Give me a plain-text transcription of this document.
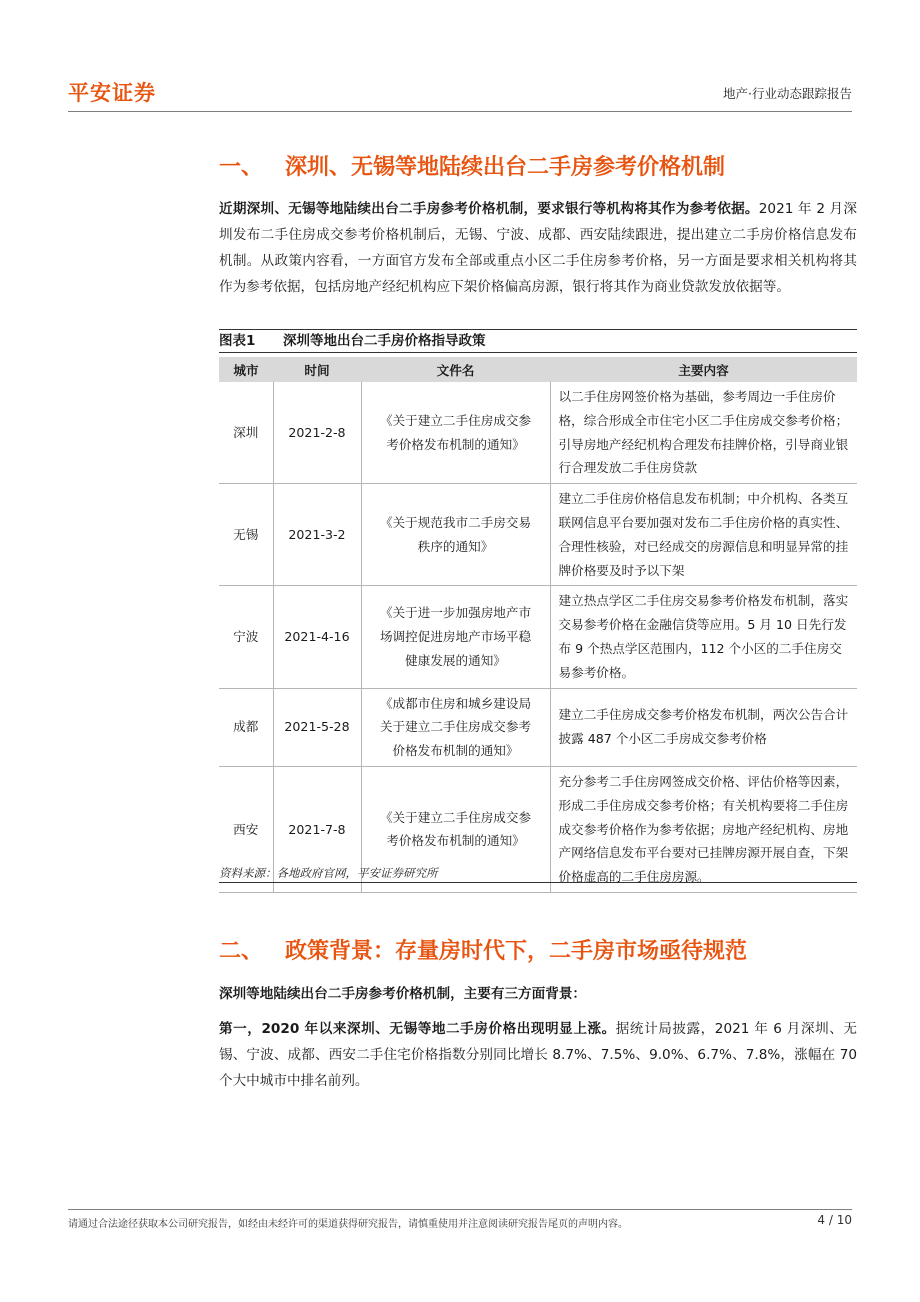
平安证券	地产·行业动态跟踪报告
一、 深圳、无锡等地陆续出台二手房参考价格机制
近期深圳、无锡等地陆续出台二手房参考价格机制，要求银行等机构将其作为参考依据。2021 年 2 月深圳发布二手住房成交参考价格机制后，无锡、宁波、成都、西安陆续跟进，提出建立二手房价格信息发布机制。从政策内容看，一方面官方发布全部或重点小区二手住房参考价格，另一方面是要求相关机构将其作为参考依据，包括房地产经纪机构应下架价格偏高房源，银行将其作为商业贷款发放依据等。
图表1 深圳等地出台二手房价格指导政策
城市	时间	文件名	主要内容
深圳	2021-2-8	《关于建立二手住房成交参考价格发布机制的通知》	以二手住房网签价格为基础，参考周边一手住房价格，综合形成全市住宅小区二手住房成交参考价格；引导房地产经纪机构合理发布挂牌价格，引导商业银行合理发放二手住房贷款
无锡	2021-3-2	《关于规范我市二手房交易秩序的通知》	建立二手住房价格信息发布机制；中介机构、各类互联网信息平台要加强对发布二手住房价格的真实性、合理性核验，对已经成交的房源信息和明显异常的挂牌价格要及时予以下架
宁波	2021-4-16	《关于进一步加强房地产市场调控促进房地产市场平稳健康发展的通知》	建立热点学区二手住房交易参考价格发布机制，落实交易参考价格在金融信贷等应用。5 月 10 日先行发布 9 个热点学区范围内，112 个小区的二手住房交易参考价格。
成都	2021-5-28	《成都市住房和城乡建设局关于建立二手住房成交参考价格发布机制的通知》	建立二手住房成交参考价格发布机制，两次公告合计披露 487 个小区二手房成交参考价格
西安	2021-7-8	《关于建立二手住房成交参考价格发布机制的通知》	充分参考二手住房网签成交价格、评估价格等因素，形成二手住房成交参考价格；有关机构要将二手住房成交参考价格作为参考依据；房地产经纪机构、房地产网络信息发布平台要对已挂牌房源开展自查，下架价格虚高的二手住房房源。
资料来源：各地政府官网，平安证券研究所
二、 政策背景：存量房时代下，二手房市场亟待规范
深圳等地陆续出台二手房参考价格机制，主要有三方面背景：
第一，2020 年以来深圳、无锡等地二手房价格出现明显上涨。据统计局披露，2021 年 6 月深圳、无锡、宁波、成都、西安二手住宅价格指数分别同比增长 8.7%、7.5%、9.0%、6.7%、7.8%，涨幅在 70 个大中城市中排名前列。
请通过合法途径获取本公司研究报告，如经由未经许可的渠道获得研究报告，请慎重使用并注意阅读研究报告尾页的声明内容。	4 / 10
